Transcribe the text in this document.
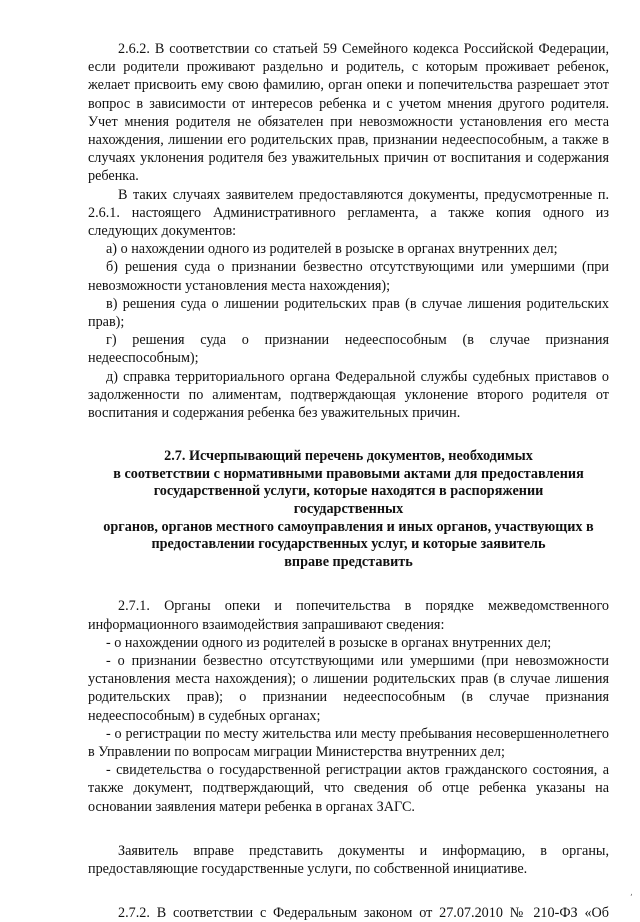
2.6.2. В соответствии со статьей 59 Семейного кодекса Российской Федерации, если родители проживают раздельно и родитель, с которым проживает ребенок, желает присвоить ему свою фамилию, орган опеки и попечительства разрешает этот вопрос в зависимости от интересов ребенка и с учетом мнения другого родителя. Учет мнения родителя не обязателен при невозможности установления его места нахождения, лишении его родительских прав, признании недееспособным, а также в случаях уклонения родителя без уважительных причин от воспитания и содержания ребенка.

В таких случаях заявителем предоставляются документы, предусмотренные п. 2.6.1. настоящего Административного регламента, а также копия одного из следующих документов:

а) о нахождении одного из родителей в розыске в органах внутренних дел;

б) решения суда о признании безвестно отсутствующими или умершими (при невозможности установления места нахождения);

в) решения суда о лишении родительских прав (в случае лишения родительских прав);

г) решения суда о признании недееспособным (в случае признания недееспособным);

д) справка территориального органа Федеральной службы судебных приставов о задолженности по алиментам, подтверждающая уклонение второго родителя от воспитания и содержания ребенка без уважительных причин.

2.7. Исчерпывающий перечень документов, необходимых
в соответствии с нормативными правовыми актами для предоставления
государственной услуги, которые находятся в распоряжении государственных
органов, органов местного самоуправления и иных органов, участвующих в
предоставлении государственных услуг, и которые заявитель
вправе представить

2.7.1. Органы опеки и попечительства в порядке межведомственного информационного взаимодействия запрашивают сведения:

- о нахождении одного из родителей в розыске в органах внутренних дел;

- о признании безвестно отсутствующими или умершими (при невозможности установления места нахождения); о лишении родительских прав (в случае лишения родительских прав); о признании недееспособным (в случае признания недееспособным) в судебных органах;

- о регистрации по месту жительства или месту пребывания несовершеннолетнего в Управлении по вопросам миграции Министерства внутренних дел;

- свидетельства о государственной регистрации актов гражданского состояния, а также документ, подтверждающий, что сведения об отце ребенка указаны на основании заявления матери ребенка в органах ЗАГС.

Заявитель вправе представить документы и информацию, в органы, предоставляющие государственные услуги, по собственной инициативе.

2.7.2. В соответствии с Федеральным законом от 27.07.2010 № 210-ФЗ «Об

,
